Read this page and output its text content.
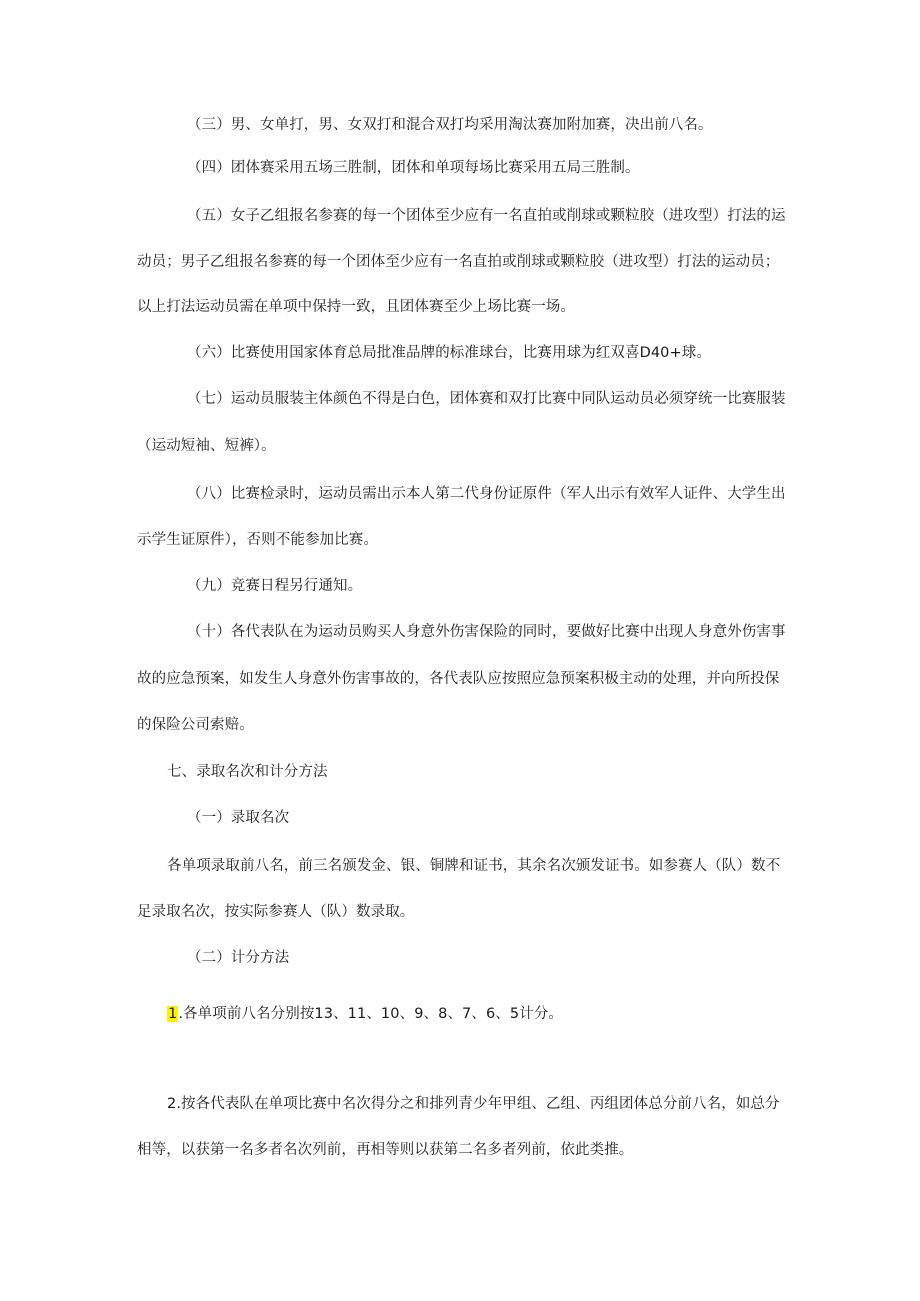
（三）男、女单打，男、女双打和混合双打均采用淘汰赛加附加赛，决出前八名。
（四）团体赛采用五场三胜制，团体和单项每场比赛采用五局三胜制。
（五）女子乙组报名参赛的每一个团体至少应有一名直拍或削球或颗粒胶（进攻型）打法的运
动员；男子乙组报名参赛的每一个团体至少应有一名直拍或削球或颗粒胶（进攻型）打法的运动员；
以上打法运动员需在单项中保持一致，且团体赛至少上场比赛一场。
（六）比赛使用国家体育总局批准品牌的标准球台，比赛用球为红双喜D40+球。
（七）运动员服装主体颜色不得是白色，团体赛和双打比赛中同队运动员必须穿统一比赛服装
（运动短袖、短裤）。
（八）比赛检录时，运动员需出示本人第二代身份证原件（军人出示有效军人证件、大学生出
示学生证原件），否则不能参加比赛。
（九）竞赛日程另行通知。
（十）各代表队在为运动员购买人身意外伤害保险的同时，要做好比赛中出现人身意外伤害事
故的应急预案，如发生人身意外伤害事故的，各代表队应按照应急预案积极主动的处理，并向所投保
的保险公司索赔。
七、录取名次和计分方法
（一）录取名次
各单项录取前八名，前三名颁发金、银、铜牌和证书，其余名次颁发证书。如参赛人（队）数不
足录取名次，按实际参赛人（队）数录取。
（二）计分方法
1.各单项前八名分别按13、11、10、9、8、7、6、5计分。
2.按各代表队在单项比赛中名次得分之和排列青少年甲组、乙组、丙组团体总分前八名，如总分
相等，以获第一名多者名次列前，再相等则以获第二名多者列前，依此类推。
